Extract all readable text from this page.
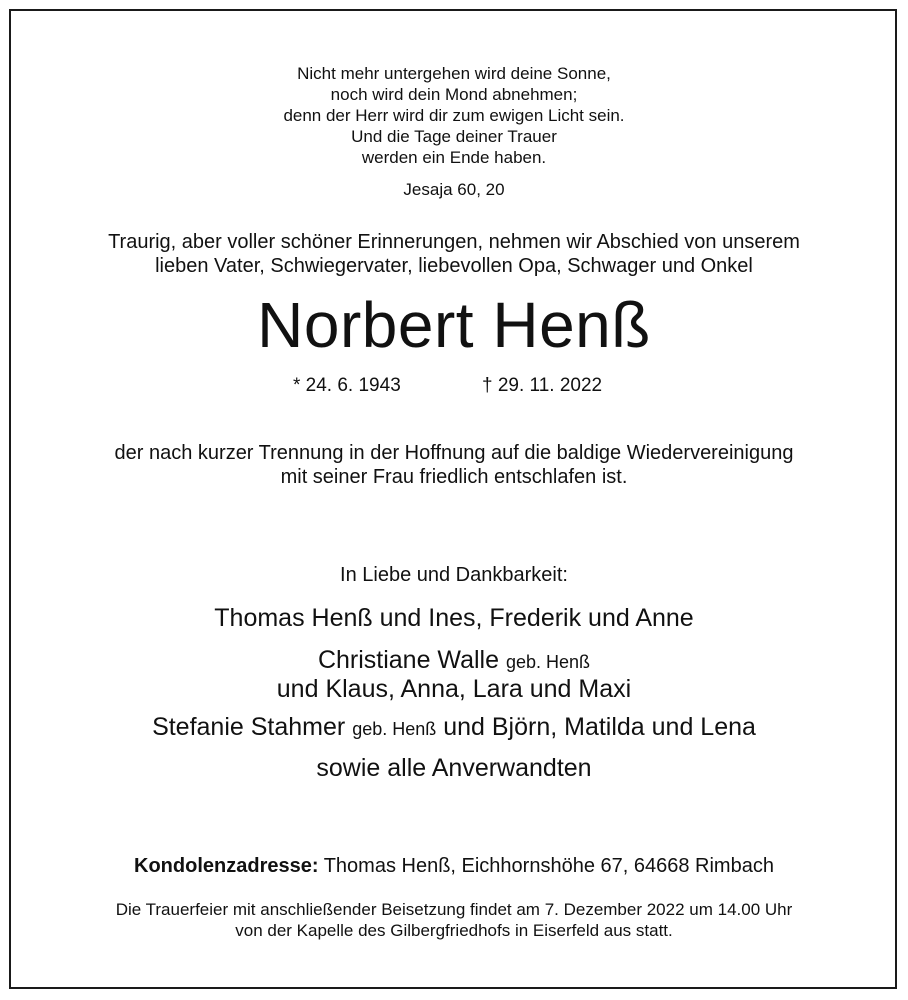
Nicht mehr untergehen wird deine Sonne,
noch wird dein Mond abnehmen;
denn der Herr wird dir zum ewigen Licht sein.
Und die Tage deiner Trauer
werden ein Ende haben.
Jesaja 60, 20
Traurig, aber voller schöner Erinnerungen, nehmen wir Abschied von unserem
lieben Vater, Schwiegervater, liebevollen Opa, Schwager und Onkel
Norbert Henß
* 24. 6. 1943	† 29. 11. 2022
der nach kurzer Trennung in der Hoffnung auf die baldige Wiedervereinigung
mit seiner Frau friedlich entschlafen ist.
In Liebe und Dankbarkeit:
Thomas Henß und Ines, Frederik und Anne
Christiane Walle geb. Henß
und Klaus, Anna, Lara und Maxi
Stefanie Stahmer geb. Henß und Björn, Matilda und Lena
sowie alle Anverwandten
Kondolenzadresse: Thomas Henß, Eichhornshöhe 67, 64668 Rimbach
Die Trauerfeier mit anschließender Beisetzung findet am 7. Dezember 2022 um 14.00 Uhr
von der Kapelle des Gilbergfriedhofs in Eiserfeld aus statt.
